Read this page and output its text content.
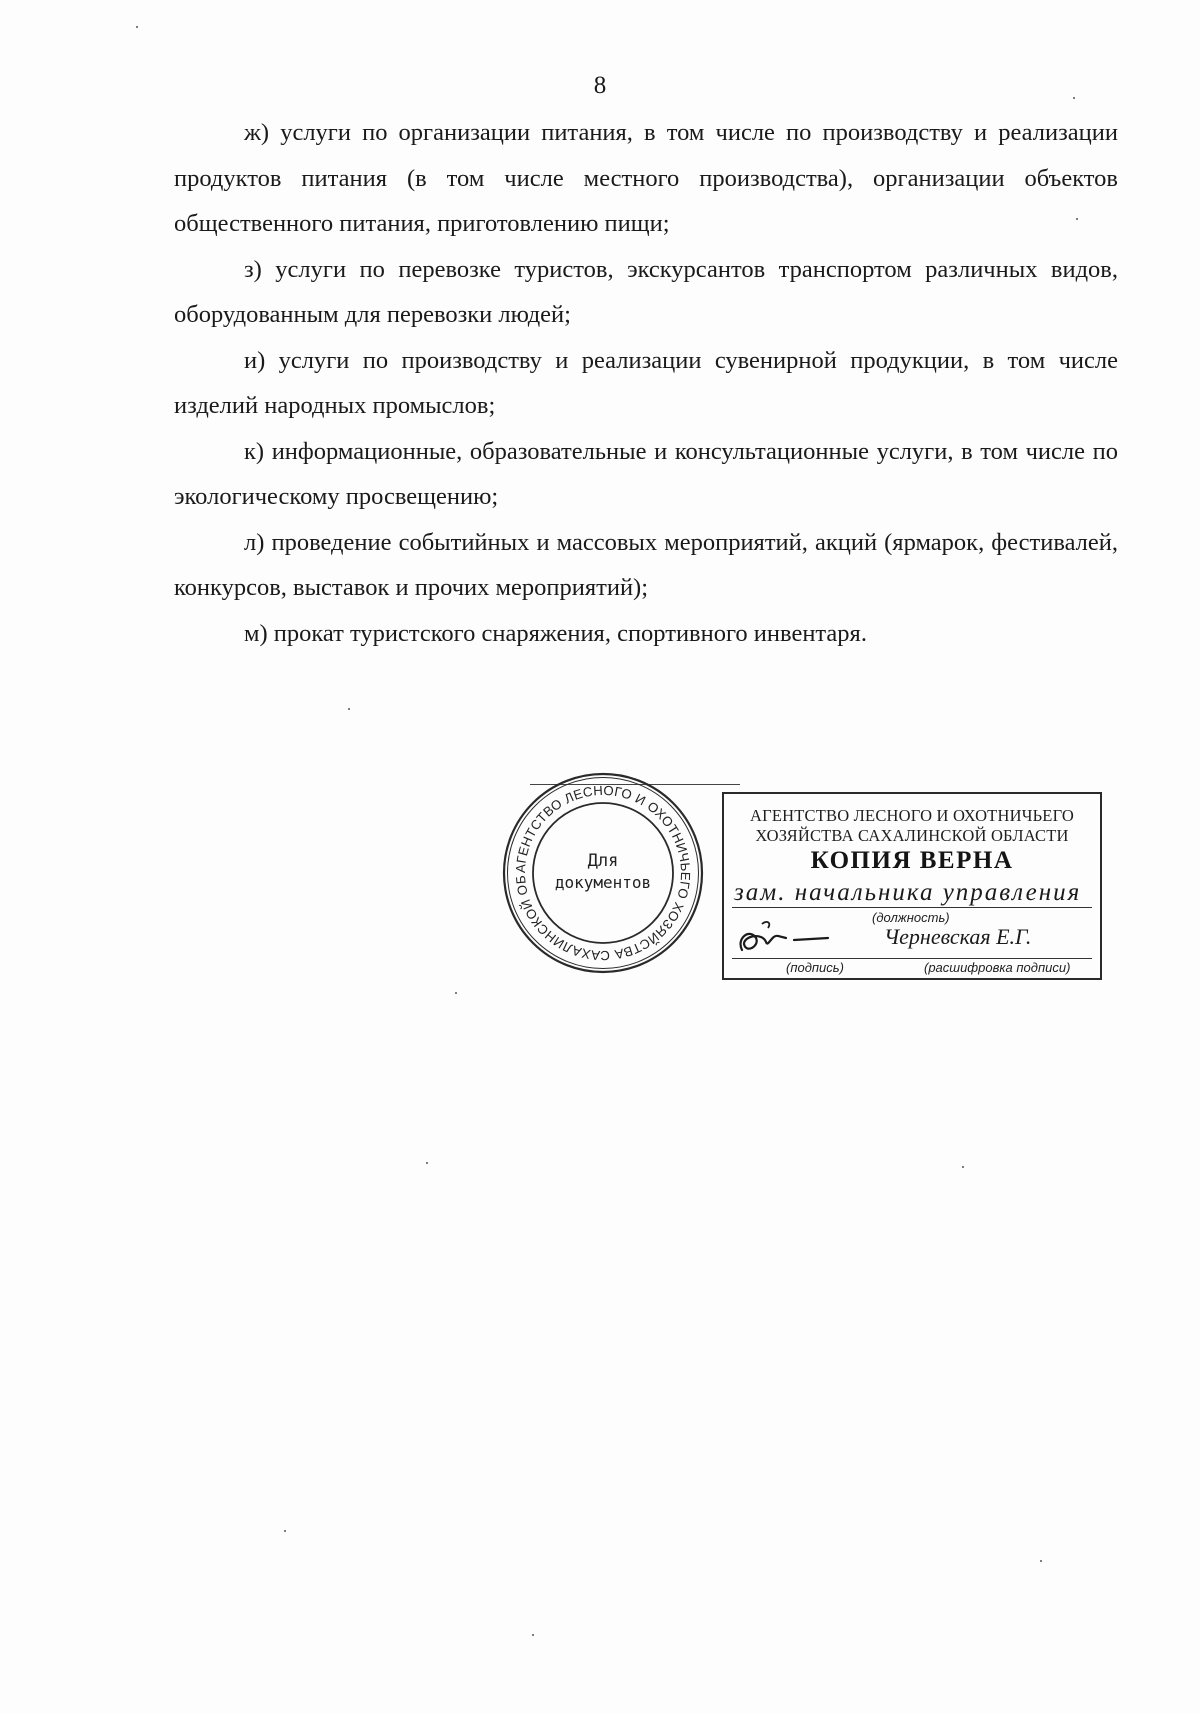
8

ж) услуги по организации питания, в том числе по производству и реализации продуктов питания (в том числе местного производства), организации объектов общественного питания, приготовлению пищи;

з) услуги по перевозке туристов, экскурсантов транспортом различных видов, оборудованным для перевозки людей;

и) услуги по производству и реализации сувенирной продукции, в том числе изделий народных промыслов;

к) информационные, образовательные и консультационные услуги, в том числе по экологическому просвещению;

л) проведение событийных и массовых мероприятий, акций (ярмарок, фестивалей, конкурсов, выставок и прочих мероприятий);

м) прокат туристского снаряжения, спортивного инвентаря.

АГЕНТСТВО ЛЕСНОГО И ОХОТНИЧЬЕГО ХОЗЯЙСТВА САХАЛИНСКОЙ ОБ
Для
документов
АГЕНТСТВО ЛЕСНОГО И ОХОТНИЧЬЕГО
ХОЗЯЙСТВА САХАЛИНСКОЙ ОБЛАСТИ
КОПИЯ ВЕРНА
зам. начальника управления
(должность)
Черневская Е.Г.
(подпись)	(расшифровка подписи)
